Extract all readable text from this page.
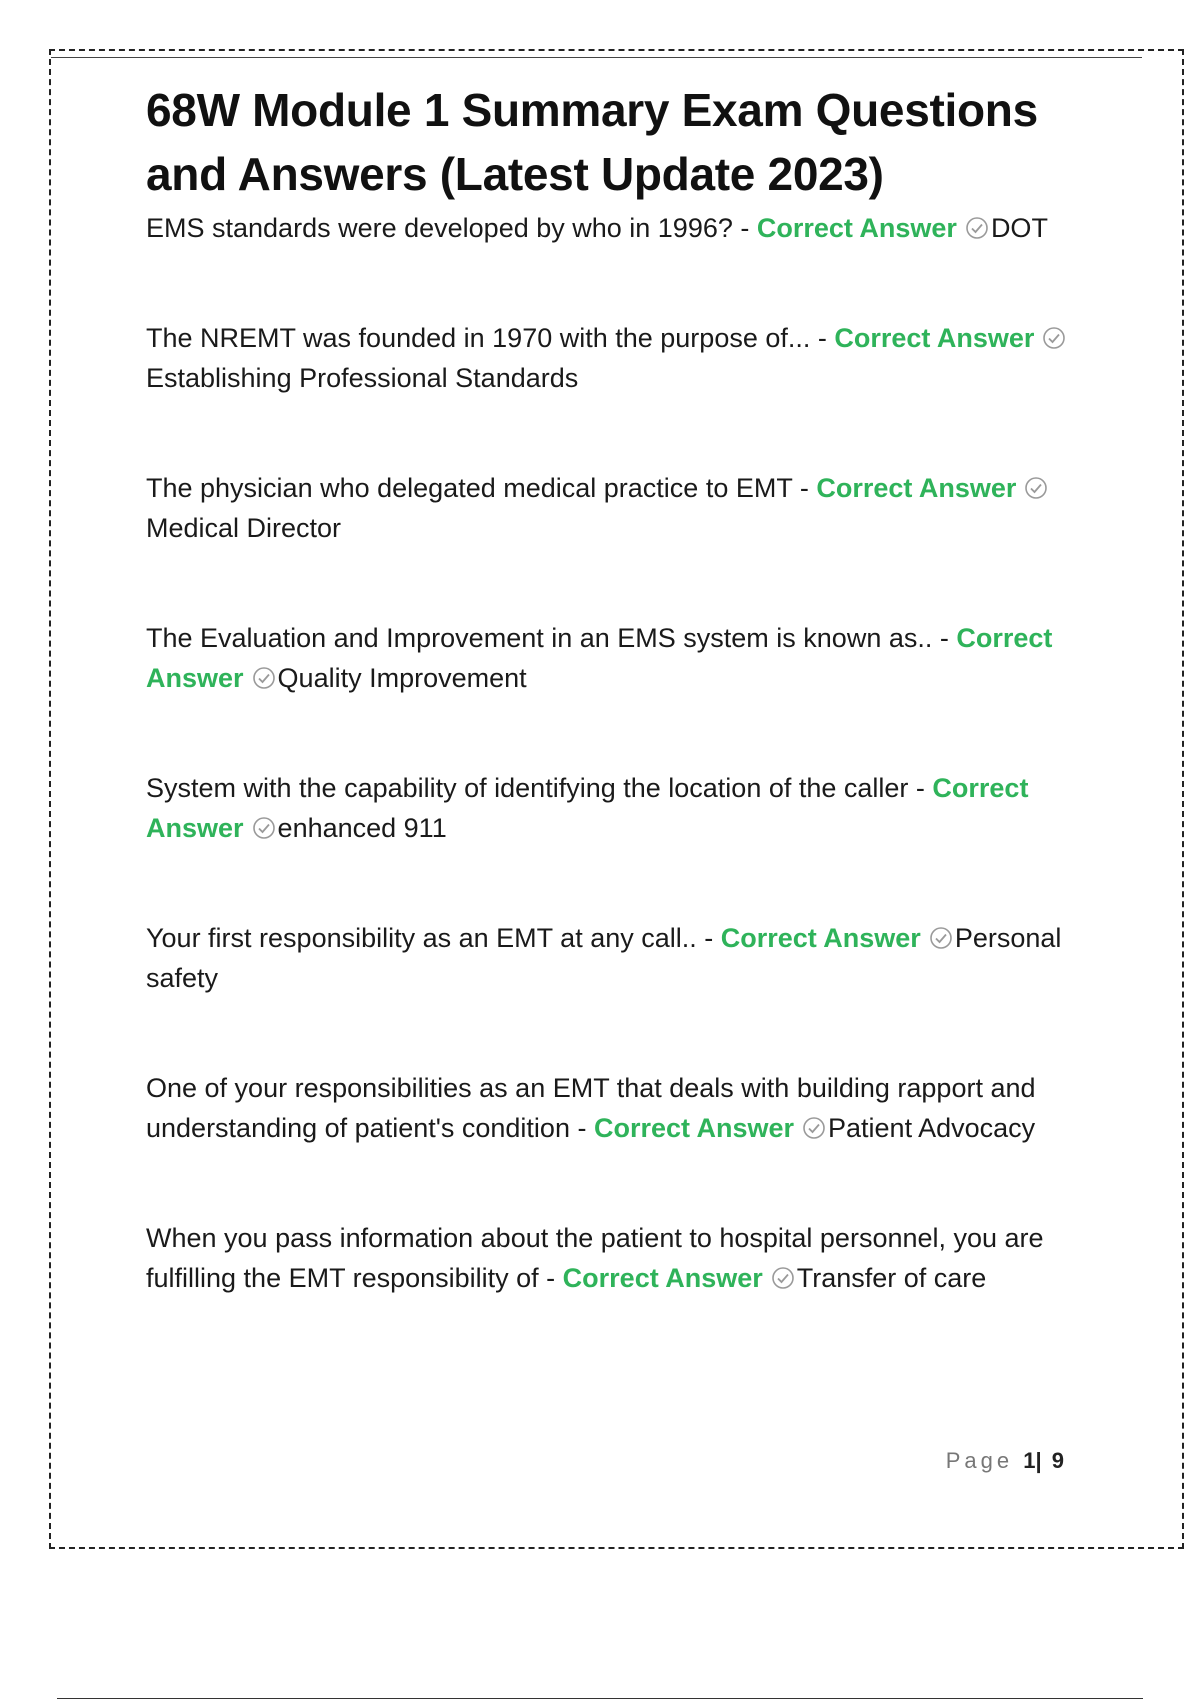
68W Module 1 Summary Exam Questions and Answers (Latest Update 2023)

EMS standards were developed by who in 1996? - Correct Answer DOT

The NREMT was founded in 1970 with the purpose of... - Correct Answer
Establishing Professional Standards

The physician who delegated medical practice to EMT - Correct Answer
Medical Director

The Evaluation and Improvement in an EMS system is known as.. - Correct Answer Quality Improvement

System with the capability of identifying the location of the caller - Correct Answer enhanced 911

Your first responsibility as an EMT at any call.. - Correct Answer Personal safety

One of your responsibilities as an EMT that deals with building rapport and understanding of patient's condition - Correct Answer Patient Advocacy

When you pass information about the patient to hospital personnel, you are fulfilling the EMT responsibility of - Correct Answer Transfer of care

Page 1| 9
